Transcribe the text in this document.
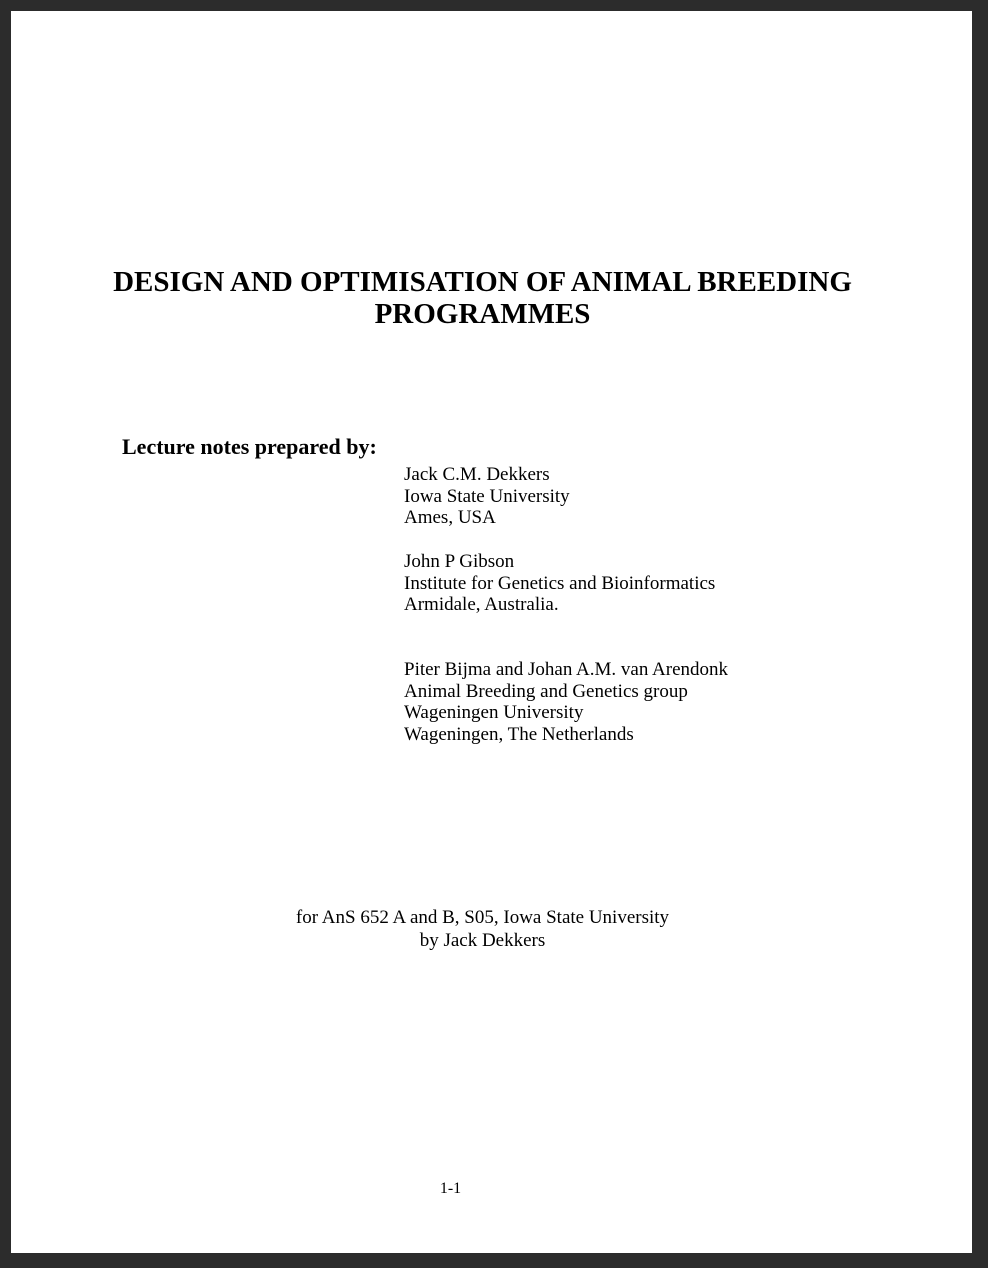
DESIGN AND OPTIMISATION OF ANIMAL BREEDING
PROGRAMMES
Lecture notes prepared by:
Jack C.M. Dekkers
Iowa State University
Ames, USA
John P Gibson
Institute for Genetics and Bioinformatics
Armidale, Australia.
Piter Bijma and Johan A.M. van Arendonk
Animal Breeding and Genetics group
Wageningen University
Wageningen, The Netherlands
for AnS 652 A and B, S05, Iowa State University
by Jack Dekkers
1-1
